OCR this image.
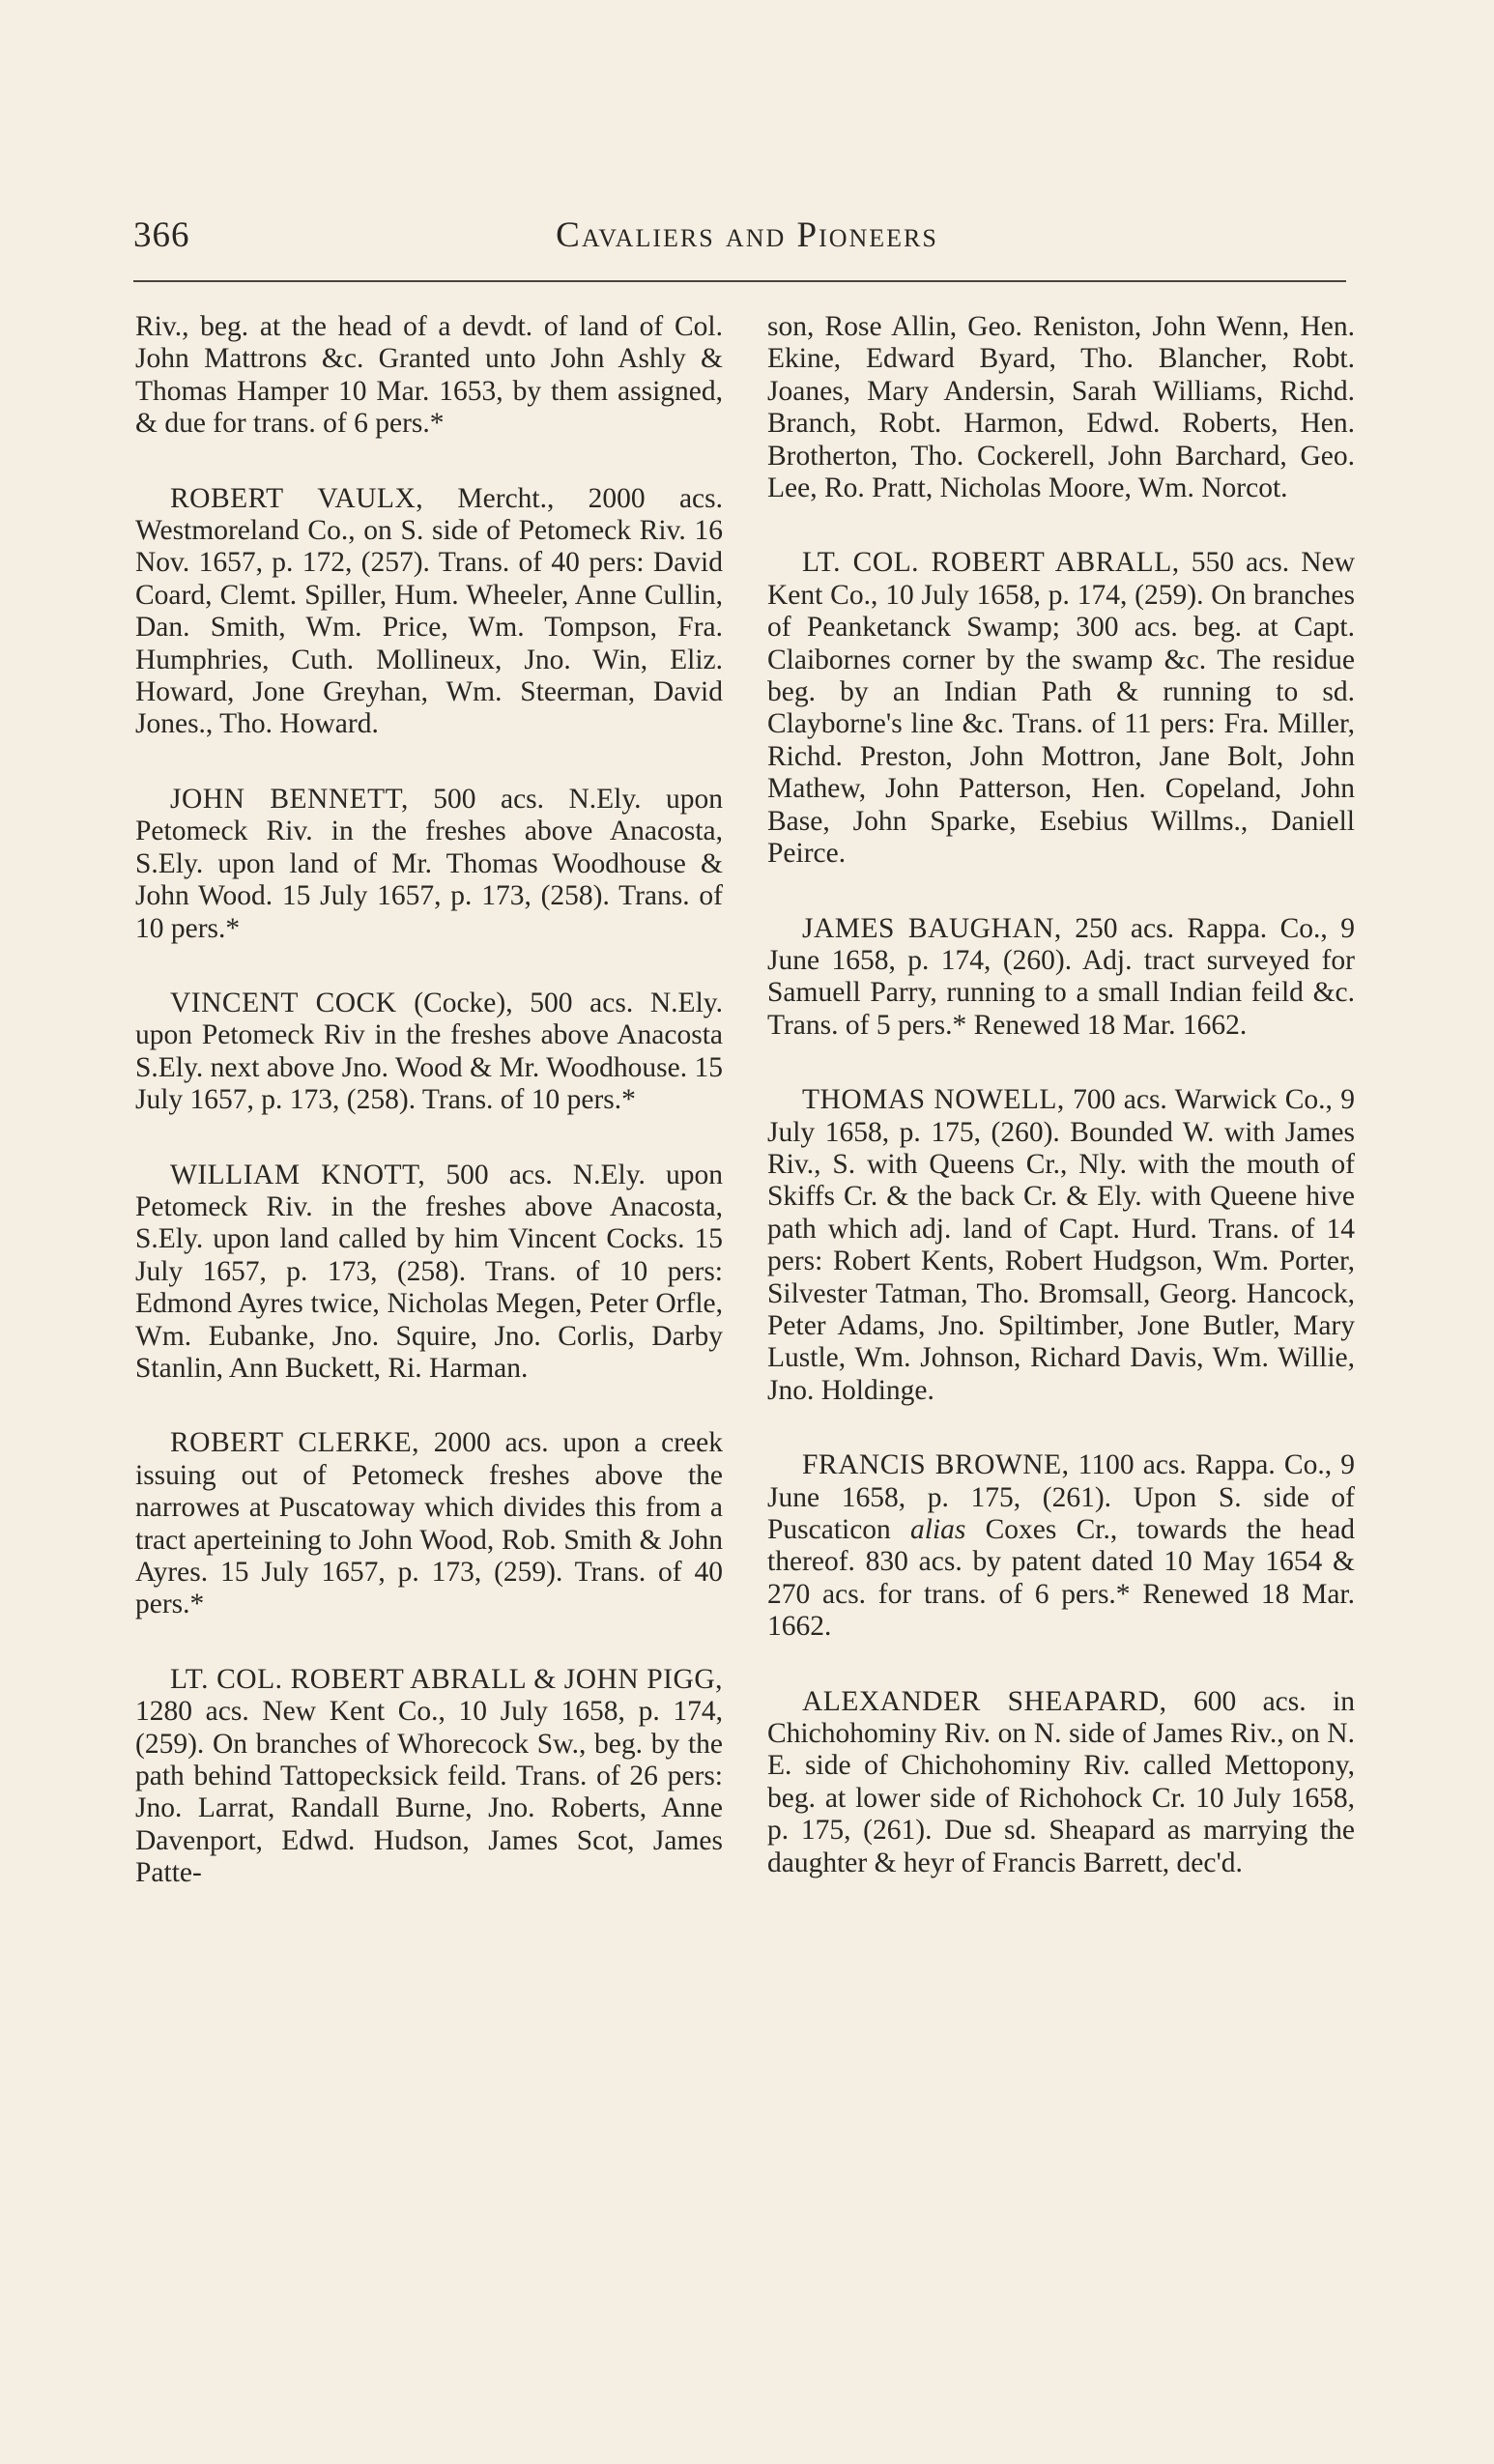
366	Cavaliers and Pioneers

Riv., beg. at the head of a devdt. of land of Col. John Mattrons &c. Granted unto John Ashly & Thomas Hamper 10 Mar. 1653, by them assigned, & due for trans. of 6 pers.*

ROBERT VAULX, Mercht., 2000 acs. Westmoreland Co., on S. side of Petomeck Riv. 16 Nov. 1657, p. 172, (257). Trans. of 40 pers: David Coard, Clemt. Spiller, Hum. Wheeler, Anne Cullin, Dan. Smith, Wm. Price, Wm. Tompson, Fra. Humphries, Cuth. Mollineux, Jno. Win, Eliz. Howard, Jone Greyhan, Wm. Steerman, David Jones., Tho. Howard.

JOHN BENNETT, 500 acs. N.Ely. upon Petomeck Riv. in the freshes above Anacosta, S.Ely. upon land of Mr. Thomas Woodhouse & John Wood. 15 July 1657, p. 173, (258). Trans. of 10 pers.*

VINCENT COCK (Cocke), 500 acs. N.Ely. upon Petomeck Riv in the freshes above Anacosta S.Ely. next above Jno. Wood & Mr. Woodhouse. 15 July 1657, p. 173, (258). Trans. of 10 pers.*

WILLIAM KNOTT, 500 acs. N.Ely. upon Petomeck Riv. in the freshes above Anacosta, S.Ely. upon land called by him Vincent Cocks. 15 July 1657, p. 173, (258). Trans. of 10 pers: Edmond Ayres twice, Nicholas Megen, Peter Orfle, Wm. Eubanke, Jno. Squire, Jno. Corlis, Darby Stanlin, Ann Buckett, Ri. Harman.

ROBERT CLERKE, 2000 acs. upon a creek issuing out of Petomeck freshes above the narrowes at Puscatoway which divides this from a tract aperteining to John Wood, Rob. Smith & John Ayres. 15 July 1657, p. 173, (259). Trans. of 40 pers.*

LT. COL. ROBERT ABRALL & JOHN PIGG, 1280 acs. New Kent Co., 10 July 1658, p. 174, (259). On branches of Whorecock Sw., beg. by the path behind Tattopecksick feild. Trans. of 26 pers: Jno. Larrat, Randall Burne, Jno. Roberts, Anne Davenport, Edwd. Hudson, James Scot, James Patte-

son, Rose Allin, Geo. Reniston, John Wenn, Hen. Ekine, Edward Byard, Tho. Blancher, Robt. Joanes, Mary Andersin, Sarah Williams, Richd. Branch, Robt. Harmon, Edwd. Roberts, Hen. Brotherton, Tho. Cockerell, John Barchard, Geo. Lee, Ro. Pratt, Nicholas Moore, Wm. Norcot.

LT. COL. ROBERT ABRALL, 550 acs. New Kent Co., 10 July 1658, p. 174, (259). On branches of Peanketanck Swamp; 300 acs. beg. at Capt. Claibornes corner by the swamp &c. The residue beg. by an Indian Path & running to sd. Clayborne's line &c. Trans. of 11 pers: Fra. Miller, Richd. Preston, John Mottron, Jane Bolt, John Mathew, John Patterson, Hen. Copeland, John Base, John Sparke, Esebius Willms., Daniell Peirce.

JAMES BAUGHAN, 250 acs. Rappa. Co., 9 June 1658, p. 174, (260). Adj. tract surveyed for Samuell Parry, running to a small Indian feild &c. Trans. of 5 pers.* Renewed 18 Mar. 1662.

THOMAS NOWELL, 700 acs. Warwick Co., 9 July 1658, p. 175, (260). Bounded W. with James Riv., S. with Queens Cr., Nly. with the mouth of Skiffs Cr. & the back Cr. & Ely. with Queene hive path which adj. land of Capt. Hurd. Trans. of 14 pers: Robert Kents, Robert Hudgson, Wm. Porter, Silvester Tatman, Tho. Bromsall, Georg. Hancock, Peter Adams, Jno. Spiltimber, Jone Butler, Mary Lustle, Wm. Johnson, Richard Davis, Wm. Willie, Jno. Holdinge.

FRANCIS BROWNE, 1100 acs. Rappa. Co., 9 June 1658, p. 175, (261). Upon S. side of Puscaticon alias Coxes Cr., towards the head thereof. 830 acs. by patent dated 10 May 1654 & 270 acs. for trans. of 6 pers.* Renewed 18 Mar. 1662.

ALEXANDER SHEAPARD, 600 acs. in Chichohominy Riv. on N. side of James Riv., on N. E. side of Chichohominy Riv. called Mettopony, beg. at lower side of Richohock Cr. 10 July 1658, p. 175, (261). Due sd. Sheapard as marrying the daughter & heyr of Francis Barrett, dec'd.
